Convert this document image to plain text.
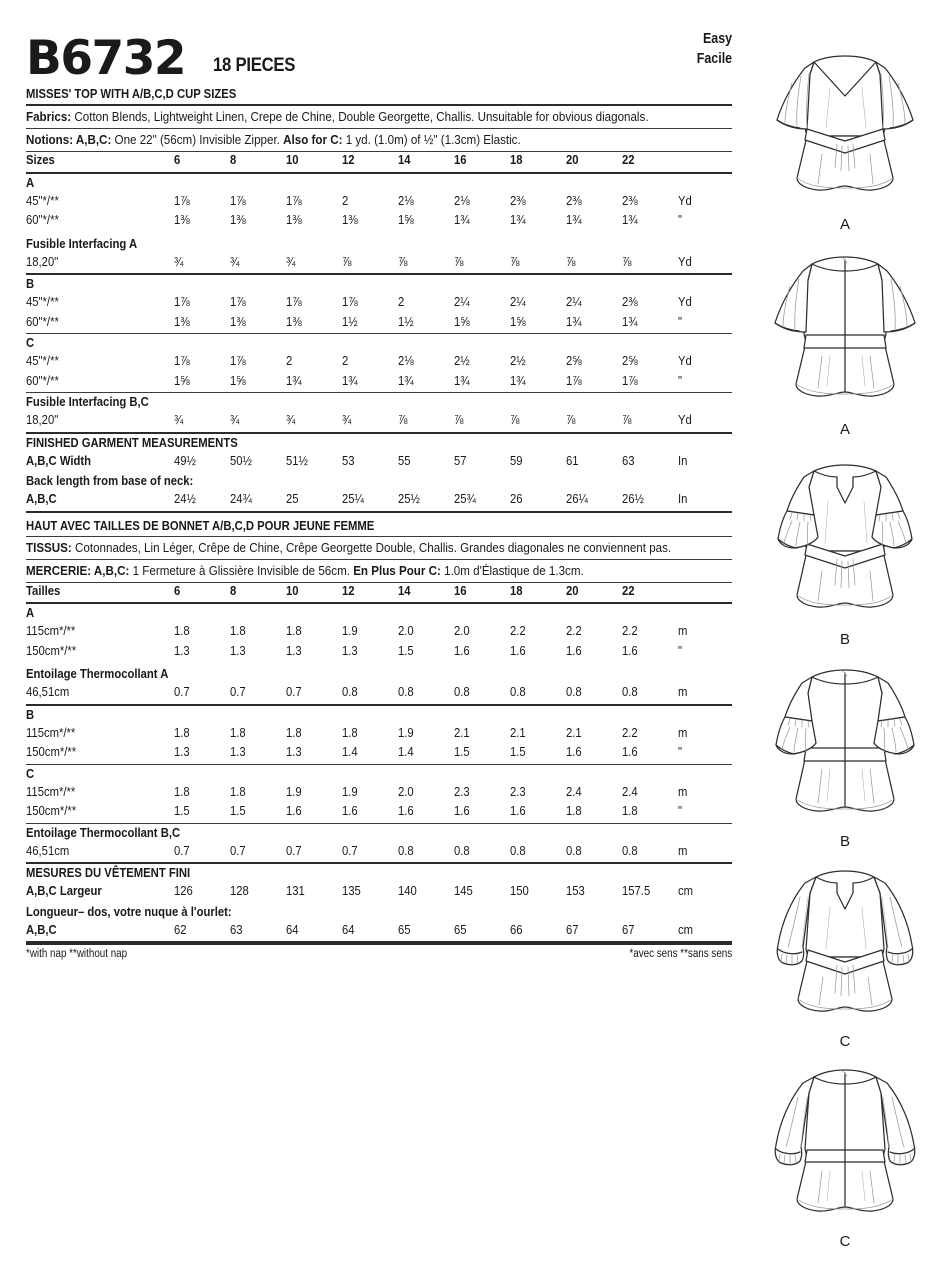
B6732 18 PIECES
MISSES' TOP WITH A/B,C,D CUP SIZES
Fabrics: Cotton Blends, Lightweight Linen, Crepe de Chine, Double Georgette, Challis. Unsuitable for obvious diagonals.
Notions: A,B,C: One 22" (56cm) Invisible Zipper. Also for C: 1 yd. (1.0m) of ½" (1.3cm) Elastic.
Sizes	6	8	10	12	14	16	18	20	22
A
45"*/**	1⅞	1⅞	1⅞	2	2⅛	2⅛	2⅜	2⅜	2⅜	Yd
60"*/**	1⅜	1⅜	1⅜	1⅜	1⅝	1¾	1¾	1¾	1¾	"
Fusible Interfacing A
18,20"	¾	¾	¾	⅞	⅞	⅞	⅞	⅞	⅞	Yd
B
45"*/**	1⅞	1⅞	1⅞	1⅞	2	2¼	2¼	2¼	2⅜	Yd
60"*/**	1⅜	1⅜	1⅜	1½	1½	1⅝	1⅝	1¾	1¾	"
C
45"*/**	1⅞	1⅞	2	2	2⅛	2½	2½	2⅝	2⅝	Yd
60"*/**	1⅝	1⅝	1¾	1¾	1¾	1¾	1¾	1⅞	1⅞	"
Fusible Interfacing B,C
18,20"	¾	¾	¾	¾	⅞	⅞	⅞	⅞	⅞	Yd
FINISHED GARMENT MEASUREMENTS
A,B,C Width	49½	50½	51½	53	55	57	59	61	63	In
Back length from base of neck:
A,B,C	24½	24¾	25	25¼	25½	25¾	26	26¼	26½	In
HAUT AVEC TAILLES DE BONNET A/B,C,D POUR JEUNE FEMME
TISSUS: Cotonnades, Lin Léger, Crêpe de Chine, Crêpe Georgette Double, Challis. Grandes diagonales ne conviennent pas.
MERCERIE: A,B,C: 1 Fermeture à Glissière Invisible de 56cm. En Plus Pour C: 1.0m d'Élastique de 1.3cm.
Tailles	6	8	10	12	14	16	18	20	22
A
115cm*/**	1.8	1.8	1.8	1.9	2.0	2.0	2.2	2.2	2.2	m
150cm*/**	1.3	1.3	1.3	1.3	1.5	1.6	1.6	1.6	1.6	"
Entoilage Thermocollant A
46,51cm	0.7	0.7	0.7	0.8	0.8	0.8	0.8	0.8	0.8	m
B
115cm*/**	1.8	1.8	1.8	1.8	1.9	2.1	2.1	2.1	2.2	m
150cm*/**	1.3	1.3	1.3	1.4	1.4	1.5	1.5	1.6	1.6	"
C
115cm*/**	1.8	1.8	1.9	1.9	2.0	2.3	2.3	2.4	2.4	m
150cm*/**	1.5	1.5	1.6	1.6	1.6	1.6	1.6	1.8	1.8	"
Entoilage Thermocollant B,C
46,51cm	0.7	0.7	0.7	0.7	0.8	0.8	0.8	0.8	0.8	m
MESURES DU VÊTEMENT FINI
A,B,C Largeur	126	128	131	135	140	145	150	153	157.5	cm
Longueur– dos, votre nuque à l'ourlet:
A,B,C	62	63	64	64	65	65	66	67	67	cm
*with nap **without nap	*avec sens **sans sens
Easy
Facile
A
A
B
B
C
C
